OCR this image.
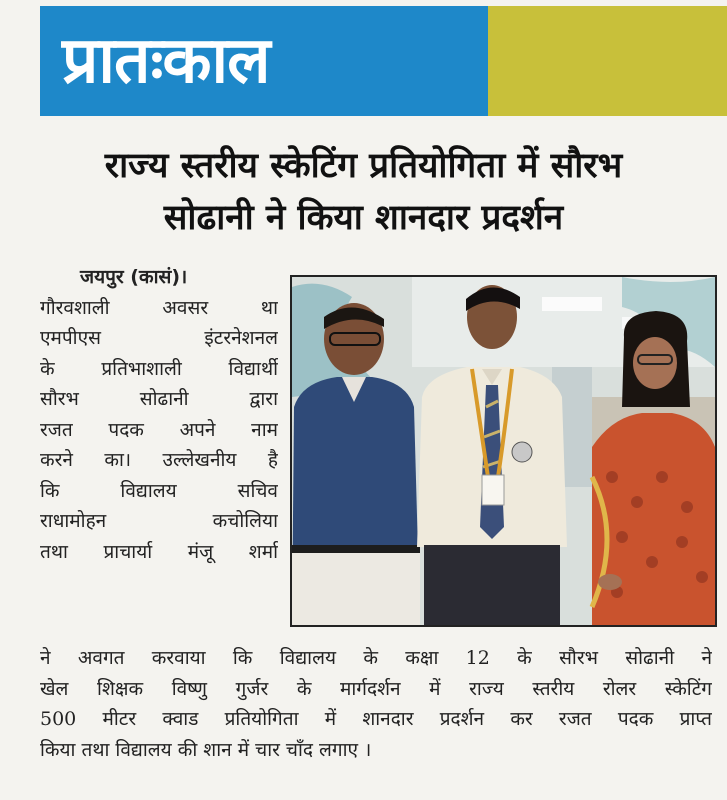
प्रातःकाल
राज्य स्तरीय स्केटिंग प्रतियोगिता में सौरभ
सोढानी ने किया शानदार प्रदर्शन
जयपुर (कासं)।
गौरवशाली अवसर था
एमपीएस इंटरनेशनल
के प्रतिभाशाली विद्यार्थी
सौरभ सोढानी द्वारा
रजत पदक अपने नाम
करने का। उल्लेखनीय है
कि विद्यालय सचिव
राधामोहन कचोलिया
तथा प्राचार्या मंजू शर्मा
ने अवगत करवाया कि विद्यालय के कक्षा 12 के सौरभ सोढानी ने
खेल शिक्षक विष्णु गुर्जर के मार्गदर्शन में राज्य स्तरीय रोलर स्केटिंग
500 मीटर क्वाड प्रतियोगिता में शानदार प्रदर्शन कर रजत पदक प्राप्त
किया तथा विद्यालय की शान में चार चाँद लगाए ।
